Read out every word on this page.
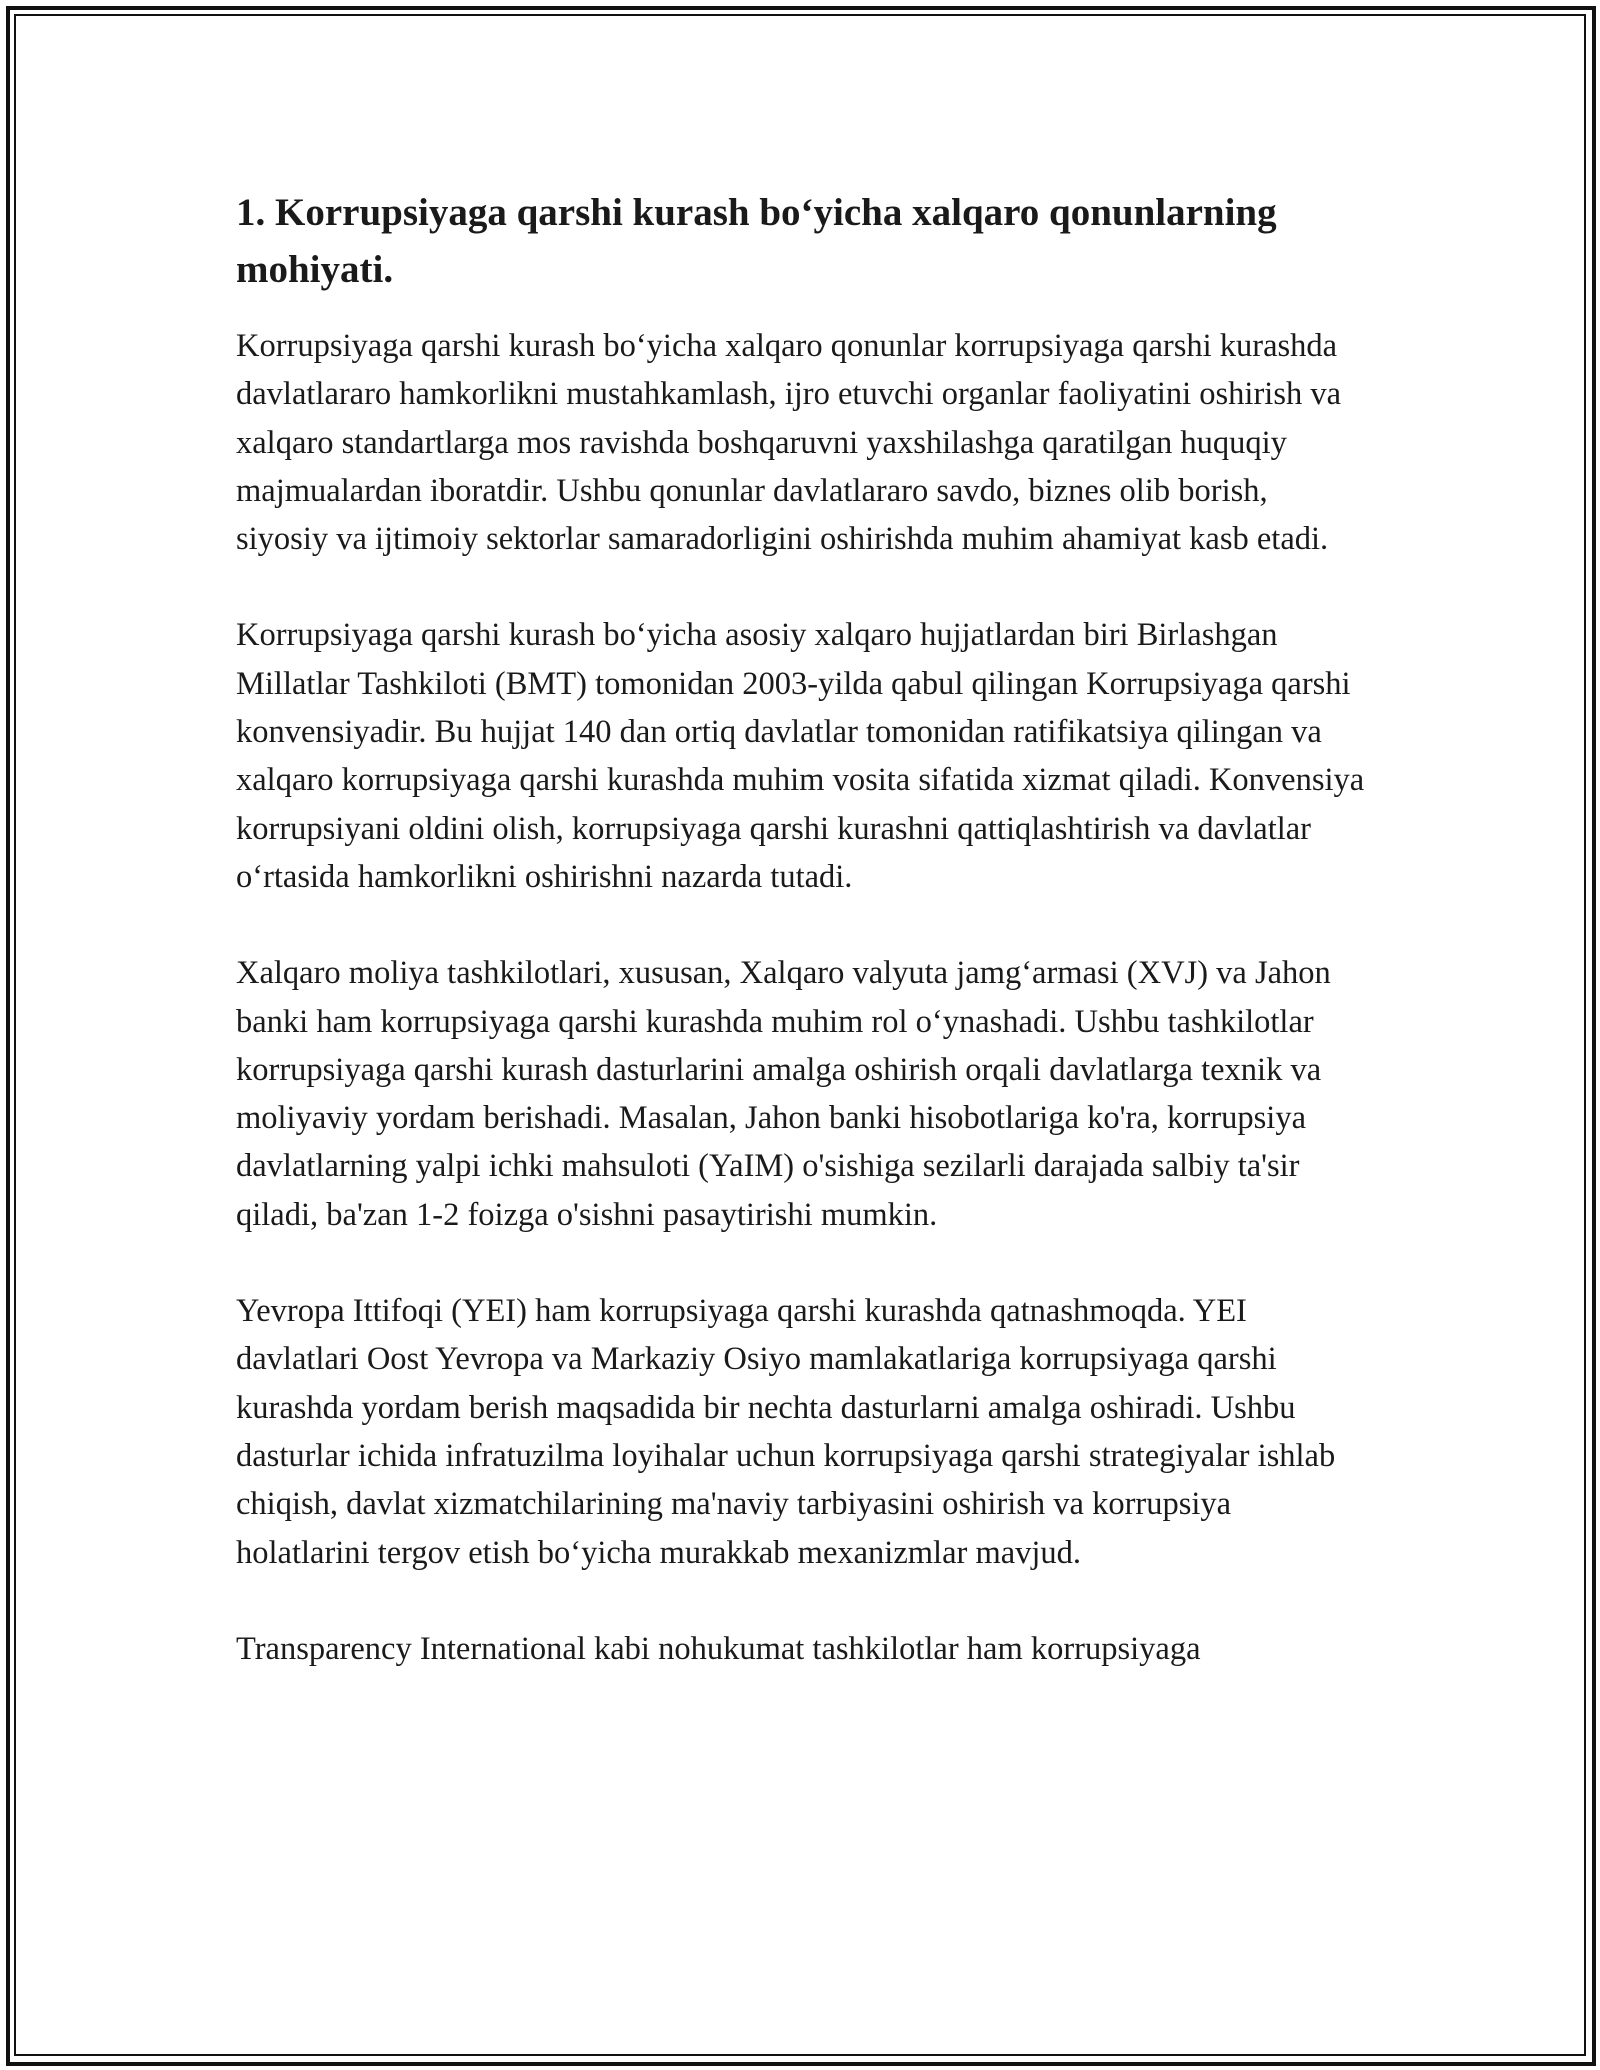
1. Korrupsiyaga qarshi kurash bo‘yicha xalqaro qonunlarning mohiyati.

Korrupsiyaga qarshi kurash bo‘yicha xalqaro qonunlar korrupsiyaga qarshi kurashda davlatlararo hamkorlikni mustahkamlash, ijro etuvchi organlar faoliyatini oshirish va xalqaro standartlarga mos ravishda boshqaruvni yaxshilashga qaratilgan huquqiy majmualardan iboratdir. Ushbu qonunlar davlatlararo savdo, biznes olib borish, siyosiy va ijtimoiy sektorlar samaradorligini oshirishda muhim ahamiyat kasb etadi.

Korrupsiyaga qarshi kurash bo‘yicha asosiy xalqaro hujjatlardan biri Birlashgan Millatlar Tashkiloti (BMT) tomonidan 2003-yilda qabul qilingan Korrupsiyaga qarshi konvensiyadir. Bu hujjat 140 dan ortiq davlatlar tomonidan ratifikatsiya qilingan va xalqaro korrupsiyaga qarshi kurashda muhim vosita sifatida xizmat qiladi. Konvensiya korrupsiyani oldini olish, korrupsiyaga qarshi kurashni qattiqlashtirish va davlatlar o‘rtasida hamkorlikni oshirishni nazarda tutadi.

Xalqaro moliya tashkilotlari, xususan, Xalqaro valyuta jamg‘armasi (XVJ) va Jahon banki ham korrupsiyaga qarshi kurashda muhim rol o‘ynashadi. Ushbu tashkilotlar korrupsiyaga qarshi kurash dasturlarini amalga oshirish orqali davlatlarga texnik va moliyaviy yordam berishadi. Masalan, Jahon banki hisobotlariga ko'ra, korrupsiya davlatlarning yalpi ichki mahsuloti (YaIM) o'sishiga sezilarli darajada salbiy ta'sir qiladi, ba'zan 1-2 foizga o'sishni pasaytirishi mumkin.

Yevropa Ittifoqi (YEI) ham korrupsiyaga qarshi kurashda qatnashmoqda. YEI davlatlari Oost Yevropa va Markaziy Osiyo mamlakatlariga korrupsiyaga qarshi kurashda yordam berish maqsadida bir nechta dasturlarni amalga oshiradi. Ushbu dasturlar ichida infratuzilma loyihalar uchun korrupsiyaga qarshi strategiyalar ishlab chiqish, davlat xizmatchilarining ma'naviy tarbiyasini oshirish va korrupsiya holatlarini tergov etish bo‘yicha murakkab mexanizmlar mavjud.

Transparency International kabi nohukumat tashkilotlar ham korrupsiyaga
